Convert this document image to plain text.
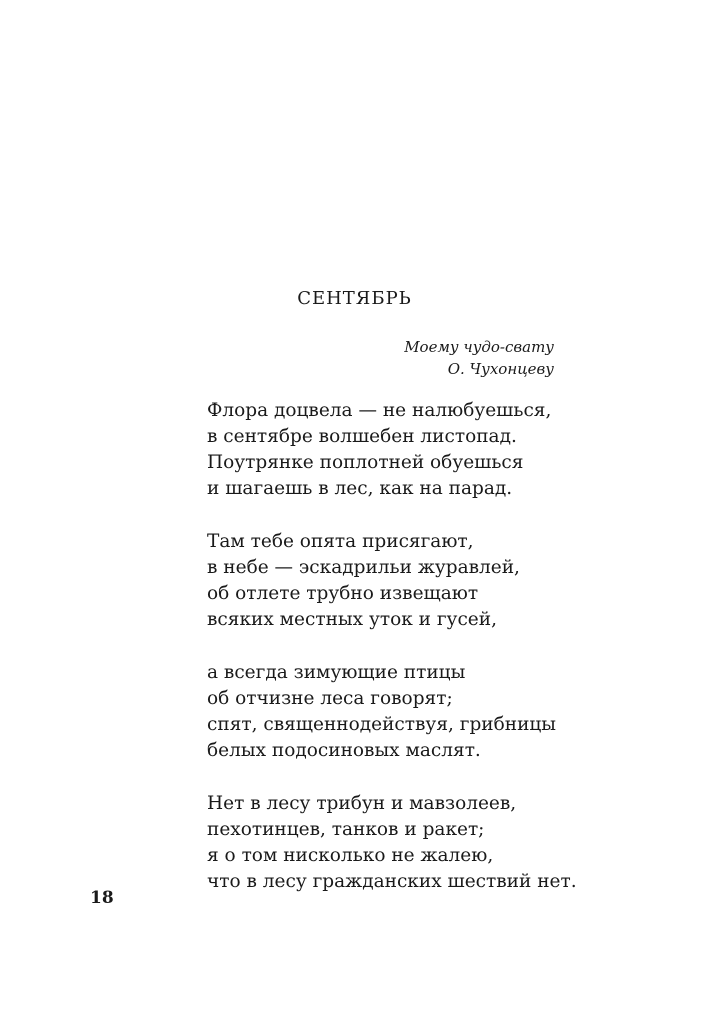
СЕНТЯБРЬ
Моему чудо-свату
О. Чухонцеву
Флора доцвела — не налюбуешься,
в сентябре волшебен листопад.
Поутрянке поплотней обуешься
и шагаешь в лес, как на парад.
Там тебе опята присягают,
в небе — эскадрильи журавлей,
об отлете трубно извещают
всяких местных уток и гусей,
а всегда зимующие птицы
об отчизне леса говорят;
спят, священнодействуя, грибницы
белых подосиновых маслят.
Нет в лесу трибун и мавзолеев,
пехотинцев, танков и ракет;
я о том нисколько не жалею,
что в лесу гражданских шествий нет.
18
